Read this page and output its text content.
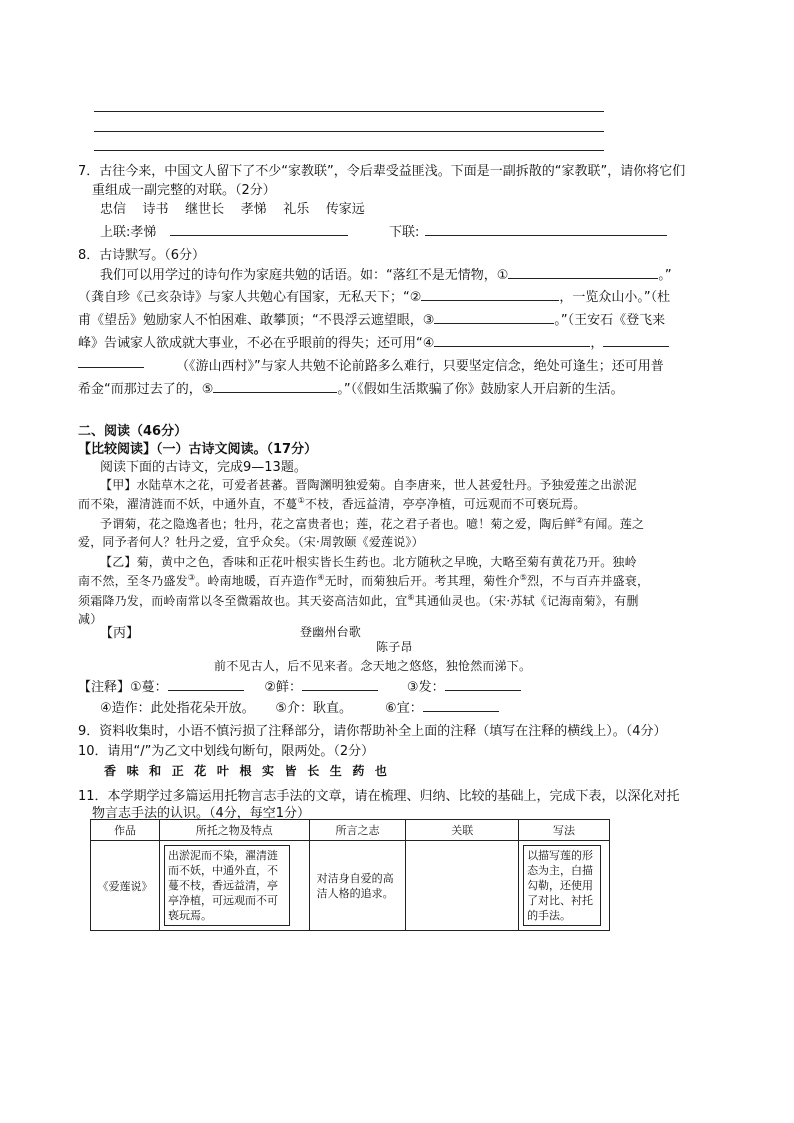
7．古往今来，中国文人留下了不少“家教联”，令后辈受益匪浅。下面是一副拆散的“家教联”，请你将它们
重组成一副完整的对联。（2分）
忠信 诗书 继世长 孝悌 礼乐 传家远
上联:孝悌	下联:
8．古诗默写。（6分）
我们可以用学过的诗句作为家庭共勉的话语。如：“落红不是无情物，①	。”
（龚自珍《己亥杂诗》与家人共勉心有国家，无私天下；“②	，一览众山小。”（杜
甫《望岳》勉励家人不怕困难、敢攀顶；“不畏浮云遮望眼，③	。”（王安石《登飞来
峰》告诫家人欲成就大事业，不必在乎眼前的得失；还可用“④	，
（《游山西村》”与家人共勉不论前路多么难行，只要坚定信念，绝处可逢生；还可用普
希金“而那过去了的，⑤	。”（《假如生活欺骗了你》鼓励家人开启新的生活。
二、阅读（46分）
【比较阅读】（一）古诗文阅读。（17分）
阅读下面的古诗文，完成9—13题。
【甲】水陆草木之花，可爱者甚蕃。晋陶渊明独爱菊。自李唐来，世人甚爱牡丹。予独爱莲之出淤泥
而不染，濯清涟而不妖，中通外直，不蔓①不枝，香远益清，亭亭净植，可远观而不可亵玩焉。
予谓菊，花之隐逸者也；牡丹，花之富贵者也；莲，花之君子者也。噫！菊之爱，陶后鲜②有闻。莲之
爱，同予者何人？牡丹之爱，宜乎众矣。（宋·周敦颐《爱莲说》）
【乙】菊，黄中之色，香味和正花叶根实皆长生药也。北方随秋之早晚，大略至菊有黄花乃开。独岭
南不然，至冬乃盛发③。岭南地暖，百卉造作④无时，而菊独后开。考其理，菊性介⑤烈，不与百卉并盛衰，
须霜降乃发，而岭南常以冬至微霜故也。其天姿高洁如此，宜⑥其通仙灵也。（宋·苏轼《记海南菊》，有删
减）
【丙】	登幽州台歌
陈子昂
前不见古人，后不见来者。念天地之悠悠，独怆然而涕下。
【注释】①蔓：	②鲜：	③发：
④造作：此处指花朵开放。 ⑤介：耿直。	⑥宜：
9．资料收集时，小语不慎污损了注释部分，请你帮助补全上面的注释（填写在注释的横线上）。（4分）
10．请用“/”为乙文中划线句断句，限两处。（2分）
香 味 和 正 花 叶 根 实 皆 长 生 药 也
11．本学期学过多篇运用托物言志手法的文章，请在梳理、归纳、比较的基础上，完成下表，以深化对托
物言志手法的认识。（4分，每空1分）
作品	所托之物及特点	所言之志	关联	写法
《爱莲说》	出淤泥而不染，濯清涟而不妖，中通外直，不蔓不枝，香远益清，亭亭净植，可远观而不可亵玩焉。	对洁身自爱的高洁人格的追求。		以描写莲的形态为主，白描勾勒，还使用了对比、衬托的手法。
